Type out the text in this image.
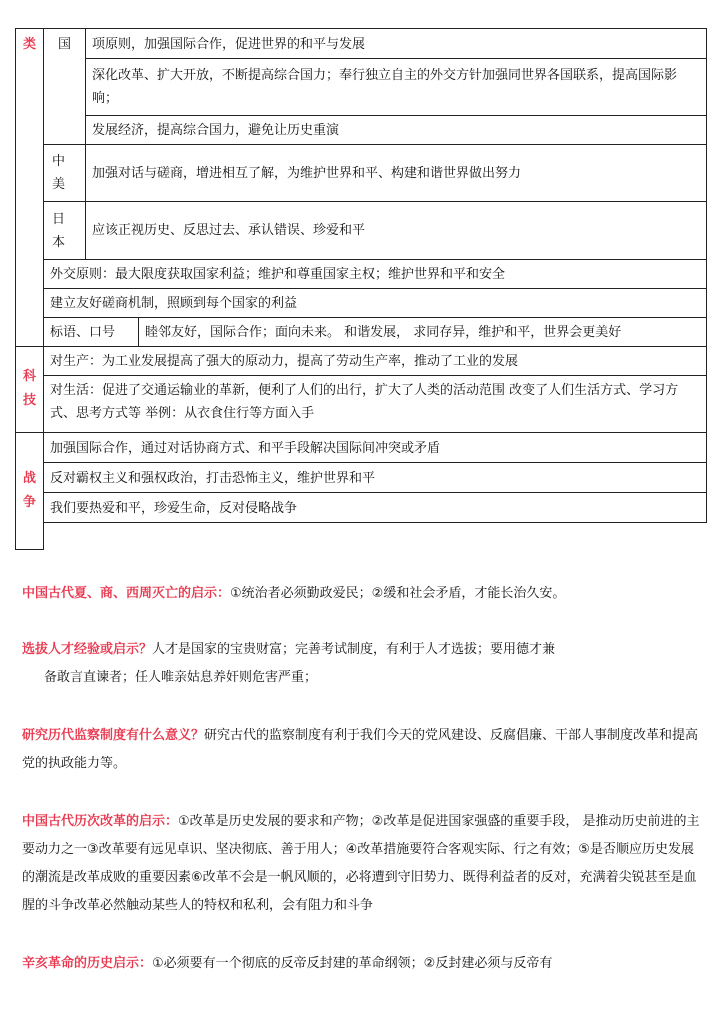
类
科
技
战
争
国	项原则，加强国际合作，促进世界的和平与发展
深化改革、扩大开放，不断提高综合国力；奉行独立自主的外交方针加强同世界各国联系，提高国际影响；
发展经济，提高综合国力，避免让历史重演
中
美
加强对话与磋商，增进相互了解，为维护世界和平、构建和谐世界做出努力
日
本
应该正视历史、反思过去、承认错误、珍爱和平
外交原则：最大限度获取国家利益；维护和尊重国家主权；维护世界和平和安全
建立友好磋商机制，照顾到每个国家的利益
标语、口号	睦邻友好，国际合作；面向未来。 和谐发展， 求同存异，维护和平，世界会更美好
对生产：为工业发展提高了强大的原动力，提高了劳动生产率，推动了工业的发展
对生活：促进了交通运输业的革新，便利了人们的出行，扩大了人类的活动范围 改变了人们生活方式、学习方式、思考方式等 举例：从衣食住行等方面入手
加强国际合作，通过对话协商方式、和平手段解决国际间冲突或矛盾
反对霸权主义和强权政治，打击恐怖主义，维护世界和平
我们要热爱和平，珍爱生命，反对侵略战争
中国古代夏、商、西周灭亡的启示：①统治者必须勤政爱民；②缓和社会矛盾，才能长治久安。
选拔人才经验或启示？人才是国家的宝贵财富；完善考试制度，有利于人才选拔；要用德才兼
备敢言直谏者；任人唯亲姑息养奸则危害严重；
研究历代监察制度有什么意义？研究古代的监察制度有利于我们今天的党风建设、反腐倡廉、干部人事制度改革和提高党的执政能力等。
中国古代历次改革的启示：①改革是历史发展的要求和产物；②改革是促进国家强盛的重要手段， 是推动历史前进的主要动力之一③改革要有远见卓识、坚决彻底、善于用人；④改革措施要符合客观实际、行之有效；⑤是否顺应历史发展的潮流是改革成败的重要因素⑥改革不会是一帆风顺的，必将遭到守旧势力、既得利益者的反对，充满着尖锐甚至是血腥的斗争改革必然触动某些人的特权和私利，会有阻力和斗争
辛亥革命的历史启示：①必须要有一个彻底的反帝反封建的革命纲领；②反封建必须与反帝有
